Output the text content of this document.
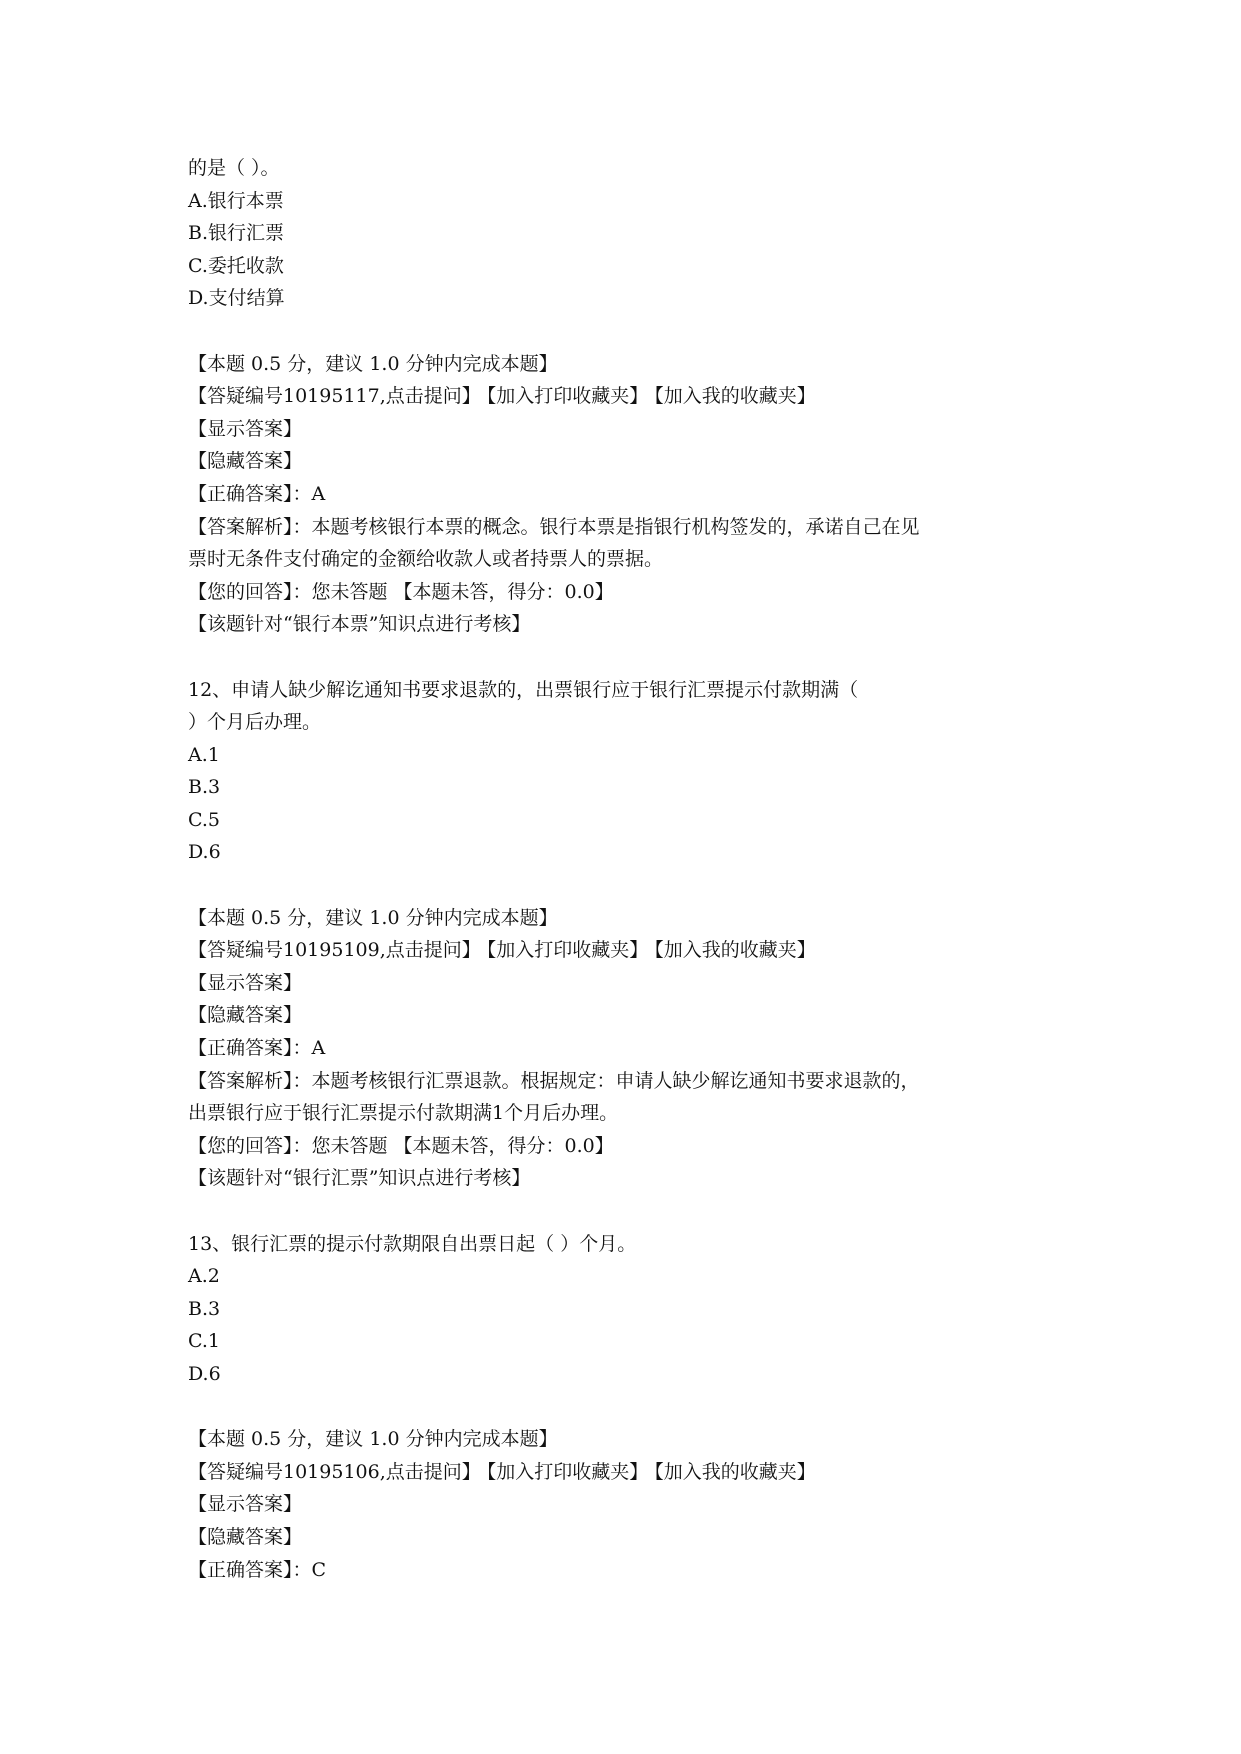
的是（ ）。
A.银行本票
B.银行汇票
C.委托收款
D.支付结算
【本题 0.5 分，建议 1.0 分钟内完成本题】
【答疑编号10195117,点击提问】 【加入打印收藏夹】 【加入我的收藏夹】
【显示答案】
【隐藏答案】
【正确答案】：A
【答案解析】：本题考核银行本票的概念。银行本票是指银行机构签发的，承诺自己在见
票时无条件支付确定的金额给收款人或者持票人的票据。
【您的回答】：您未答题 【本题未答，得分：0.0】
【该题针对“银行本票”知识点进行考核】
12、申请人缺少解讫通知书要求退款的，出票银行应于银行汇票提示付款期满（
）个月后办理。
A.1
B.3
C.5
D.6
【本题 0.5 分，建议 1.0 分钟内完成本题】
【答疑编号10195109,点击提问】 【加入打印收藏夹】 【加入我的收藏夹】
【显示答案】
【隐藏答案】
【正确答案】：A
【答案解析】：本题考核银行汇票退款。根据规定：申请人缺少解讫通知书要求退款的，
出票银行应于银行汇票提示付款期满1个月后办理。
【您的回答】：您未答题 【本题未答，得分：0.0】
【该题针对“银行汇票”知识点进行考核】
13、银行汇票的提示付款期限自出票日起（ ）个月。
A.2
B.3
C.1
D.6
【本题 0.5 分，建议 1.0 分钟内完成本题】
【答疑编号10195106,点击提问】 【加入打印收藏夹】 【加入我的收藏夹】
【显示答案】
【隐藏答案】
【正确答案】：C
